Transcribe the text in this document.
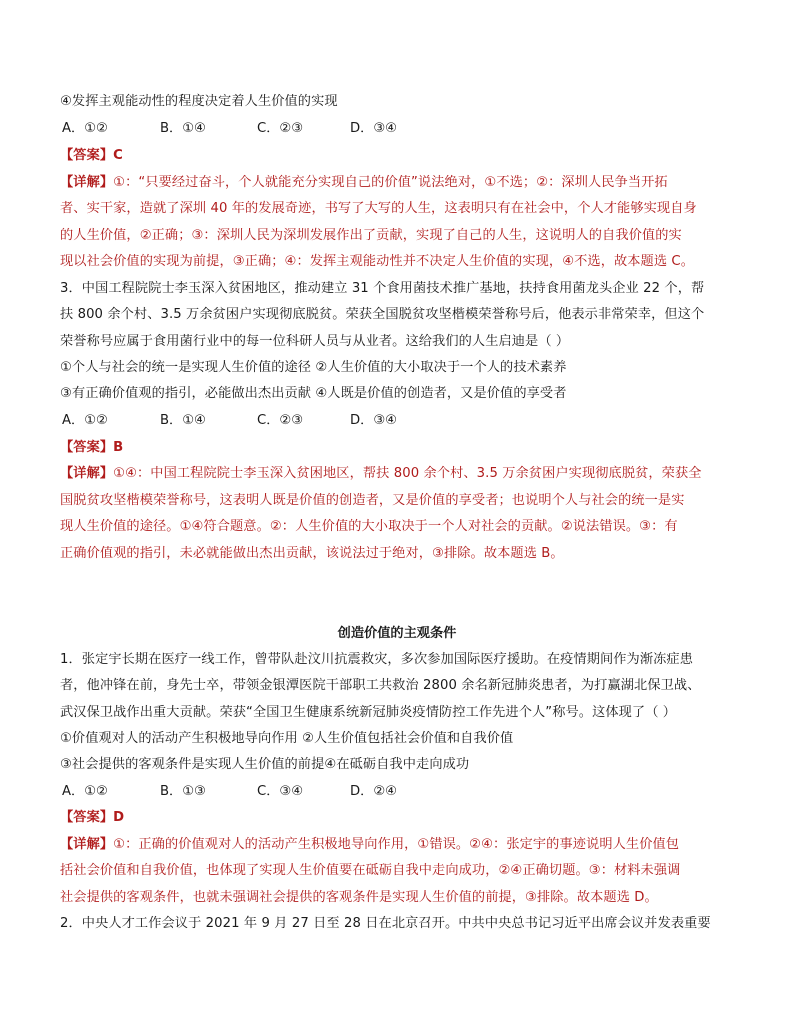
④发挥主观能动性的程度决定着人生价值的实现
A．①②	B．①④	C．②③	D．③④
【答案】C
【详解】①：“只要经过奋斗，个人就能充分实现自己的价值”说法绝对，①不选；②：深圳人民争当开拓
者、实干家，造就了深圳 40 年的发展奇迹，书写了大写的人生，这表明只有在社会中，个人才能够实现自身
的人生价值，②正确；③：深圳人民为深圳发展作出了贡献，实现了自己的人生，这说明人的自我价值的实
现以社会价值的实现为前提，③正确；④：发挥主观能动性并不决定人生价值的实现，④不选，故本题选 C。
3．中国工程院院士李玉深入贫困地区，推动建立 31 个食用菌技术推广基地，扶持食用菌龙头企业 22 个，帮
扶 800 余个村、3.5 万余贫困户实现彻底脱贫。荣获全国脱贫攻坚楷模荣誉称号后，他表示非常荣幸，但这个
荣誉称号应属于食用菌行业中的每一位科研人员与从业者。这给我们的人生启迪是（ ）
①个人与社会的统一是实现人生价值的途径 ②人生价值的大小取决于一个人的技术素养
③有正确价值观的指引，必能做出杰出贡献 ④人既是价值的创造者，又是价值的享受者
A．①②	B．①④	C．②③	D．③④
【答案】B
【详解】①④：中国工程院院士李玉深入贫困地区，帮扶 800 余个村、3.5 万余贫困户实现彻底脱贫，荣获全
国脱贫攻坚楷模荣誉称号，这表明人既是价值的创造者，又是价值的享受者；也说明个人与社会的统一是实
现人生价值的途径。①④符合题意。②：人生价值的大小取决于一个人对社会的贡献。②说法错误。③：有
正确价值观的指引，未必就能做出杰出贡献，该说法过于绝对，③排除。故本题选 B。
创造价值的主观条件
1．张定宇长期在医疗一线工作，曾带队赴汶川抗震救灾，多次参加国际医疗援助。在疫情期间作为渐冻症患
者，他冲锋在前，身先士卒，带领金银潭医院干部职工共救治 2800 余名新冠肺炎患者，为打赢湖北保卫战、
武汉保卫战作出重大贡献。荣获“全国卫生健康系统新冠肺炎疫情防控工作先进个人”称号。这体现了（ ）
①价值观对人的活动产生积极地导向作用 ②人生价值包括社会价值和自我价值
③社会提供的客观条件是实现人生价值的前提④在砥砺自我中走向成功
A．①②	B．①③	C．③④	D．②④
【答案】D
【详解】①：正确的价值观对人的活动产生积极地导向作用，①错误。②④：张定宇的事迹说明人生价值包
括社会价值和自我价值，也体现了实现人生价值要在砥砺自我中走向成功，②④正确切题。③：材料未强调
社会提供的客观条件，也就未强调社会提供的客观条件是实现人生价值的前提，③排除。故本题选 D。
2．中央人才工作会议于 2021 年 9 月 27 日至 28 日在北京召开。中共中央总书记习近平出席会议并发表重要
